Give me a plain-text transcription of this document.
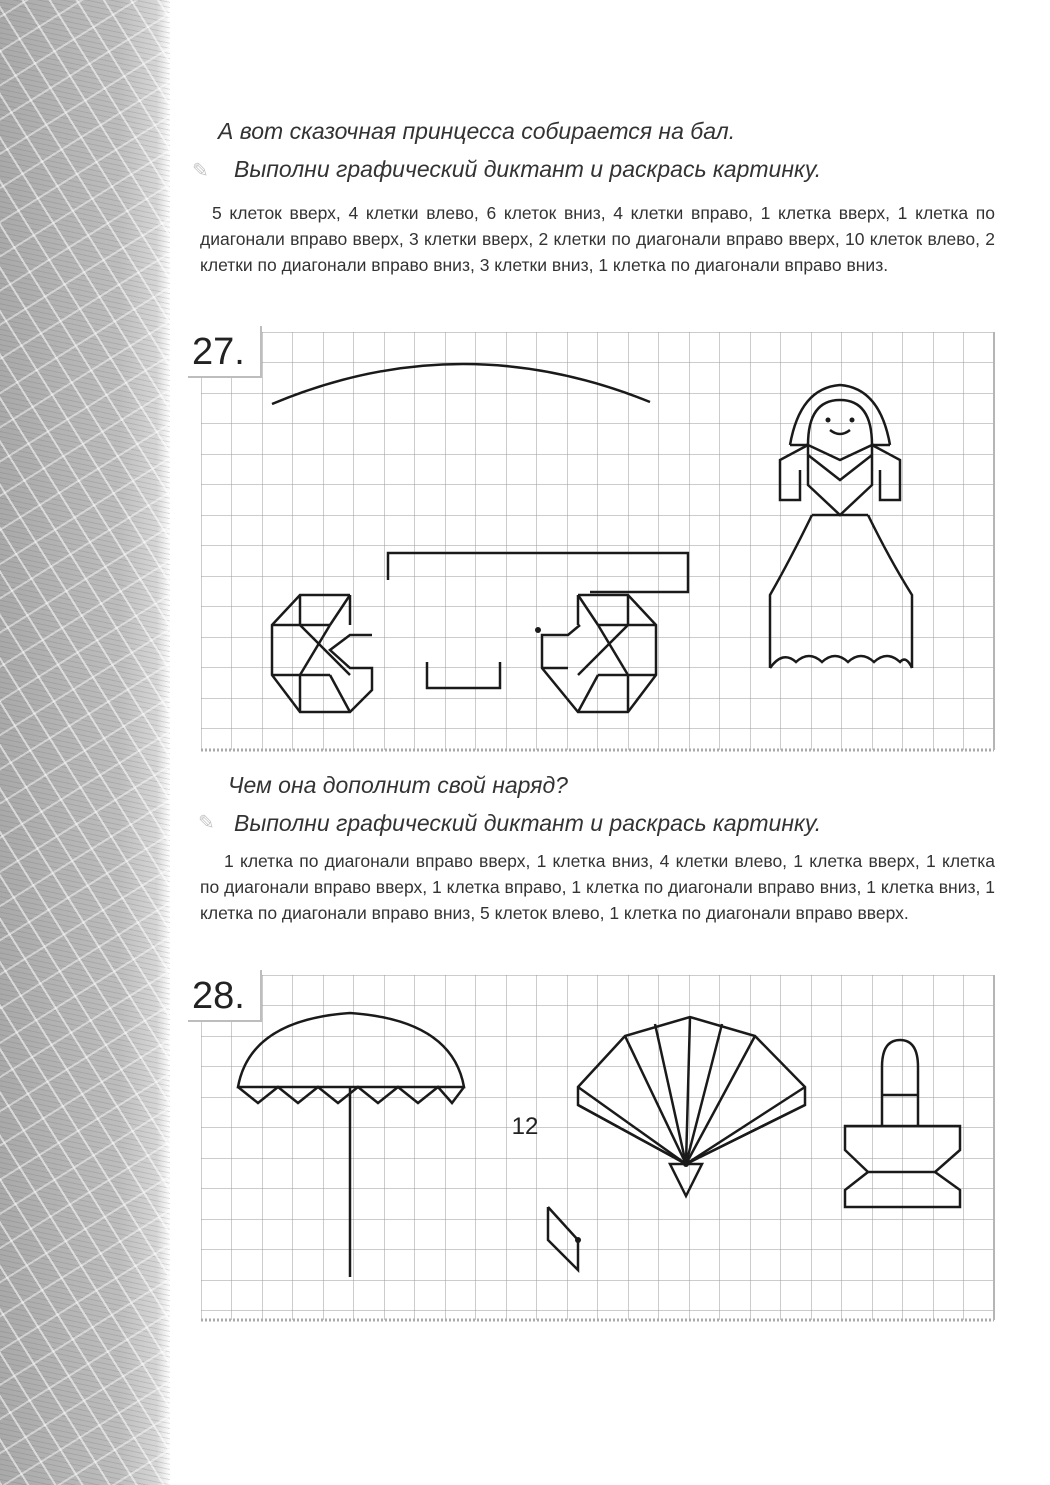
А вот сказочная принцесса собирается на бал.
✎ Выполни графический диктант и раскрась картинку.

5 клеток вверх, 4 клетки влево, 6 клеток вниз, 4 клетки вправо, 1 клетка вверх, 1 клетка по диагонали вправо вверх, 3 клетки вверх, 2 клетки по диагонали вправо вверх, 10 клеток влево, 2 клетки по диагонали вправо вниз, 3 клетки вниз, 1 клетка по диагонали вправо вниз.

Чем она дополнит свой наряд?
✎ Выполни графический диктант и раскрась картинку.

1 клетка по диагонали вправо вверх, 1 клетка вниз, 4 клетки влево, 1 клетка вверх, 1 клетка по диагонали вправо вверх, 1 клетка вправо, 1 клетка по диагонали вправо вниз, 1 клетка вниз, 1 клетка по диагонали вправо вниз, 5 клеток влево, 1 клетка по диагонали вправо вверх.

27.
28.
12
